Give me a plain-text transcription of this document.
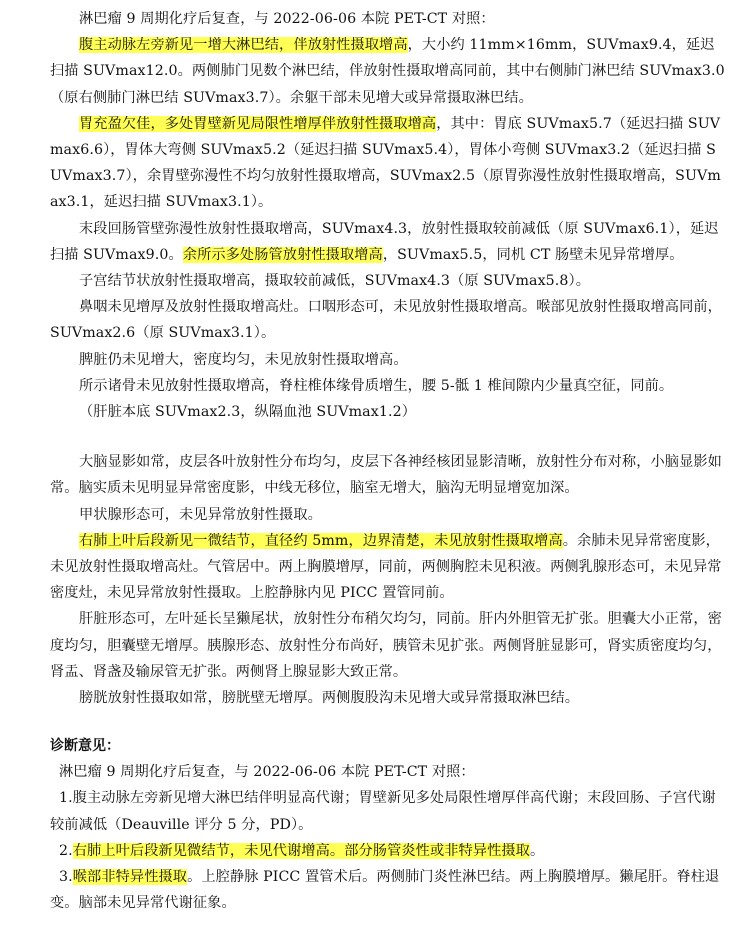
淋巴瘤 9 周期化疗后复查，与 2022-06-06 本院 PET-CT 对照：

腹主动脉左旁新见一增大淋巴结，伴放射性摄取增高，大小约 11mm×16mm，SUVmax9.4，延迟扫描 SUVmax12.0。两侧肺门见数个淋巴结，伴放射性摄取增高同前，其中右侧肺门淋巴结 SUVmax3.0（原右侧肺门淋巴结 SUVmax3.7）。余躯干部未见增大或异常摄取淋巴结。

胃充盈欠佳，多处胃壁新见局限性增厚伴放射性摄取增高，其中：胃底 SUVmax5.7（延迟扫描 SUVmax6.6），胃体大弯侧 SUVmax5.2（延迟扫描 SUVmax5.4），胃体小弯侧 SUVmax3.2（延迟扫描 SUVmax3.7），余胃壁弥漫性不均匀放射性摄取增高，SUVmax2.5（原胃弥漫性放射性摄取增高，SUVmax3.1，延迟扫描 SUVmax3.1）。

末段回肠管壁弥漫性放射性摄取增高，SUVmax4.3，放射性摄取较前减低（原 SUVmax6.1），延迟扫描 SUVmax9.0。余所示多处肠管放射性摄取增高，SUVmax5.5，同机 CT 肠壁未见异常增厚。

子宫结节状放射性摄取增高，摄取较前减低，SUVmax4.3（原 SUVmax5.8）。

鼻咽未见增厚及放射性摄取增高灶。口咽形态可，未见放射性摄取增高。喉部见放射性摄取增高同前，SUVmax2.6（原 SUVmax3.1）。

脾脏仍未见增大，密度均匀，未见放射性摄取增高。

所示诸骨未见放射性摄取增高，脊柱椎体缘骨质增生，腰 5-骶 1 椎间隙内少量真空征，同前。

（肝脏本底 SUVmax2.3，纵隔血池 SUVmax1.2）

大脑显影如常，皮层各叶放射性分布均匀，皮层下各神经核团显影清晰，放射性分布对称，小脑显影如常。脑实质未见明显异常密度影，中线无移位，脑室无增大，脑沟无明显增宽加深。

甲状腺形态可，未见异常放射性摄取。

右肺上叶后段新见一微结节，直径约 5mm，边界清楚，未见放射性摄取增高。余肺未见异常密度影，未见放射性摄取增高灶。气管居中。两上胸膜增厚，同前，两侧胸腔未见积液。两侧乳腺形态可，未见异常密度灶，未见异常放射性摄取。上腔静脉内见 PICC 置管同前。

肝脏形态可，左叶延长呈獭尾状，放射性分布稍欠均匀，同前。肝内外胆管无扩张。胆囊大小正常，密度均匀，胆囊壁无增厚。胰腺形态、放射性分布尚好，胰管未见扩张。两侧肾脏显影可，肾实质密度均匀，肾盂、肾盏及输尿管无扩张。两侧肾上腺显影大致正常。

膀胱放射性摄取如常，膀胱壁无增厚。两侧腹股沟未见增大或异常摄取淋巴结。

诊断意见：

淋巴瘤 9 周期化疗后复查，与 2022-06-06 本院 PET-CT 对照：

1.腹主动脉左旁新见增大淋巴结伴明显高代谢；胃壁新见多处局限性增厚伴高代谢；末段回肠、子宫代谢较前减低（Deauville 评分 5 分，PD）。

2.右肺上叶后段新见微结节，未见代谢增高。部分肠管炎性或非特异性摄取。

3.喉部非特异性摄取。上腔静脉 PICC 置管术后。两侧肺门炎性淋巴结。两上胸膜增厚。獭尾肝。脊柱退变。脑部未见异常代谢征象。
